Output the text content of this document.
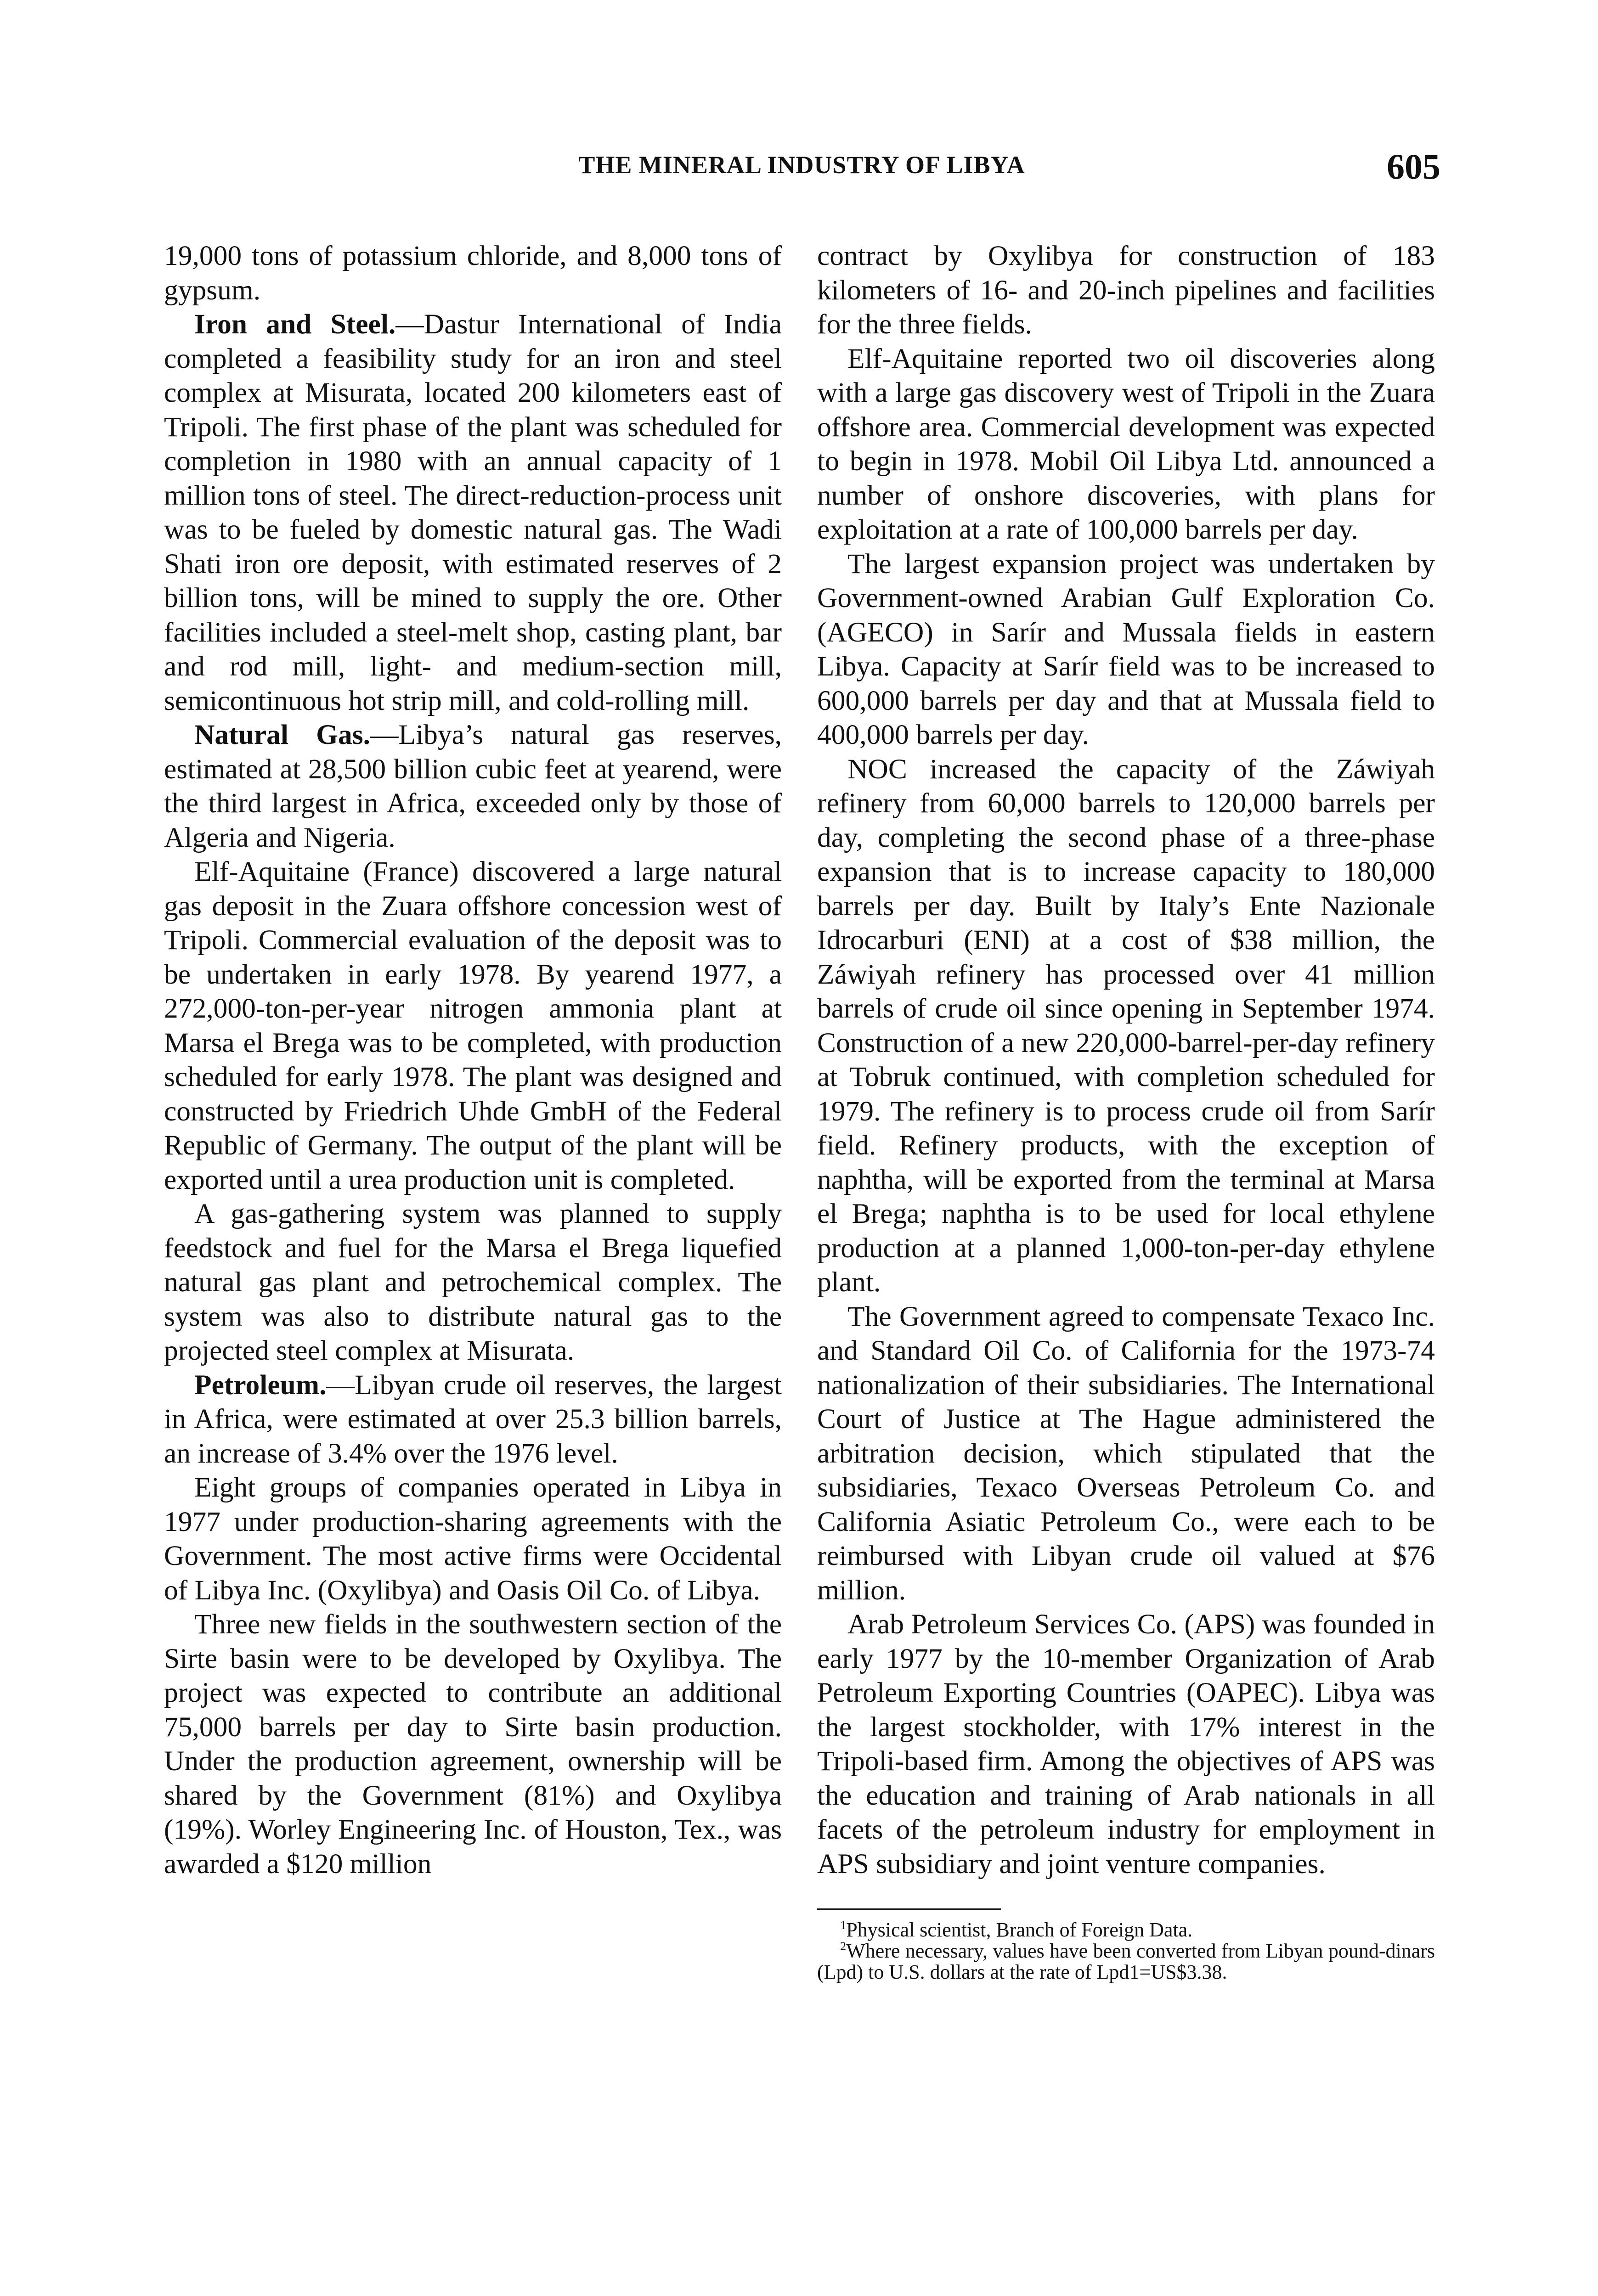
THE MINERAL INDUSTRY OF LIBYA	605

19,000 tons of potassium chloride, and 8,000 tons of gypsum.

Iron and Steel.—Dastur International of India completed a feasibility study for an iron and steel complex at Misurata, located 200 kilometers east of Tripoli. The first phase of the plant was scheduled for completion in 1980 with an annual capacity of 1 million tons of steel. The direct-reduction-process unit was to be fueled by domestic natural gas. The Wadi Shati iron ore deposit, with estimated reserves of 2 billion tons, will be mined to supply the ore. Other facilities included a steel-melt shop, casting plant, bar and rod mill, light- and medium-section mill, semicontinuous hot strip mill, and cold-rolling mill.

Natural Gas.—Libya’s natural gas reserves, estimated at 28,500 billion cubic feet at yearend, were the third largest in Africa, exceeded only by those of Algeria and Nigeria.

Elf-Aquitaine (France) discovered a large natural gas deposit in the Zuara offshore concession west of Tripoli. Commercial evaluation of the deposit was to be undertaken in early 1978. By yearend 1977, a 272,000-ton-per-year nitrogen ammonia plant at Marsa el Brega was to be completed, with production scheduled for early 1978. The plant was designed and constructed by Friedrich Uhde GmbH of the Federal Republic of Germany. The output of the plant will be exported until a urea production unit is completed.

A gas-gathering system was planned to supply feedstock and fuel for the Marsa el Brega liquefied natural gas plant and petrochemical complex. The system was also to distribute natural gas to the projected steel complex at Misurata.

Petroleum.—Libyan crude oil reserves, the largest in Africa, were estimated at over 25.3 billion barrels, an increase of 3.4% over the 1976 level.

Eight groups of companies operated in Libya in 1977 under production-sharing agreements with the Government. The most active firms were Occidental of Libya Inc. (Oxylibya) and Oasis Oil Co. of Libya.

Three new fields in the southwestern section of the Sirte basin were to be developed by Oxylibya. The project was expected to contribute an additional 75,000 barrels per day to Sirte basin production. Under the production agreement, ownership will be shared by the Government (81%) and Oxylibya (19%). Worley Engineering Inc. of Houston, Tex., was awarded a $120 million

contract by Oxylibya for construction of 183 kilometers of 16- and 20-inch pipelines and facilities for the three fields.

Elf-Aquitaine reported two oil discoveries along with a large gas discovery west of Tripoli in the Zuara offshore area. Commercial development was expected to begin in 1978. Mobil Oil Libya Ltd. announced a number of onshore discoveries, with plans for exploitation at a rate of 100,000 barrels per day.

The largest expansion project was undertaken by Government-owned Arabian Gulf Exploration Co. (AGECO) in Sarír and Mussala fields in eastern Libya. Capacity at Sarír field was to be increased to 600,000 barrels per day and that at Mussala field to 400,000 barrels per day.

NOC increased the capacity of the Záwiyah refinery from 60,000 barrels to 120,000 barrels per day, completing the second phase of a three-phase expansion that is to increase capacity to 180,000 barrels per day. Built by Italy’s Ente Nazionale Idrocarburi (ENI) at a cost of $38 million, the Záwiyah refinery has processed over 41 million barrels of crude oil since opening in September 1974. Construction of a new 220,000-barrel-per-day refinery at Tobruk continued, with completion scheduled for 1979. The refinery is to process crude oil from Sarír field. Refinery products, with the exception of naphtha, will be exported from the terminal at Marsa el Brega; naphtha is to be used for local ethylene production at a planned 1,000-ton-per-day ethylene plant.

The Government agreed to compensate Texaco Inc. and Standard Oil Co. of California for the 1973-74 nationalization of their subsidiaries. The International Court of Justice at The Hague administered the arbitration decision, which stipulated that the subsidiaries, Texaco Overseas Petroleum Co. and California Asiatic Petroleum Co., were each to be reimbursed with Libyan crude oil valued at $76 million.

Arab Petroleum Services Co. (APS) was founded in early 1977 by the 10-member Organization of Arab Petroleum Exporting Countries (OAPEC). Libya was the largest stockholder, with 17% interest in the Tripoli-based firm. Among the objectives of APS was the education and training of Arab nationals in all facets of the petroleum industry for employment in APS subsidiary and joint venture companies.

$^1$Physical scientist, Branch of Foreign Data.

$^2$Where necessary, values have been converted from Libyan pound-dinars (Lpd) to U.S. dollars at the rate of Lpd1=US$3.38.
